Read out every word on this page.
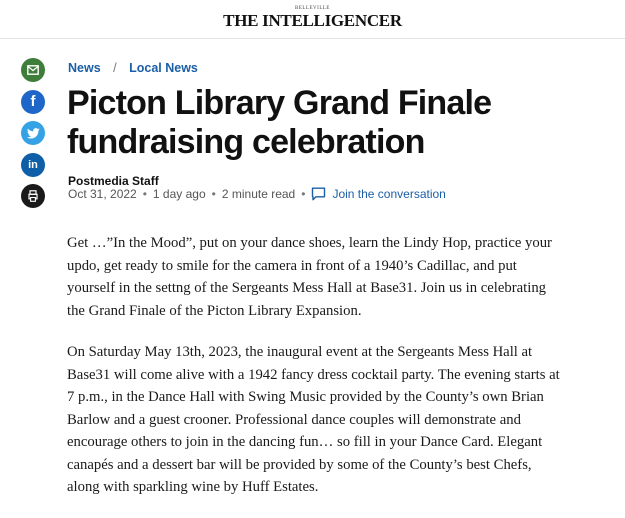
BELLEVILLE
THE INTELLIGENCER
f
in
News / Local News
Picton Library Grand Finale fundraising celebration
Postmedia Staff
Oct 31, 2022 • 1 day ago • 2 minute read • Join the conversation

Get …”In the Mood”, put on your dance shoes, learn the Lindy Hop, practice your updo, get ready to smile for the camera in front of a 1940’s Cadillac, and put yourself in the settng of the Sergeants Mess Hall at Base31. Join us in celebrating the Grand Finale of the Picton Library Expansion.

On Saturday May 13th, 2023, the inaugural event at the Sergeants Mess Hall at Base31 will come alive with a 1942 fancy dress cocktail party. The evening starts at 7 p.m., in the Dance Hall with Swing Music provided by the County’s own Brian Barlow and a guest crooner. Professional dance couples will demonstrate and encourage others to join in the dancing fun… so fill in your Dance Card. Elegant canapés and a dessert bar will be provided by some of the County’s best Chefs, along with sparkling wine by Huff Estates.
